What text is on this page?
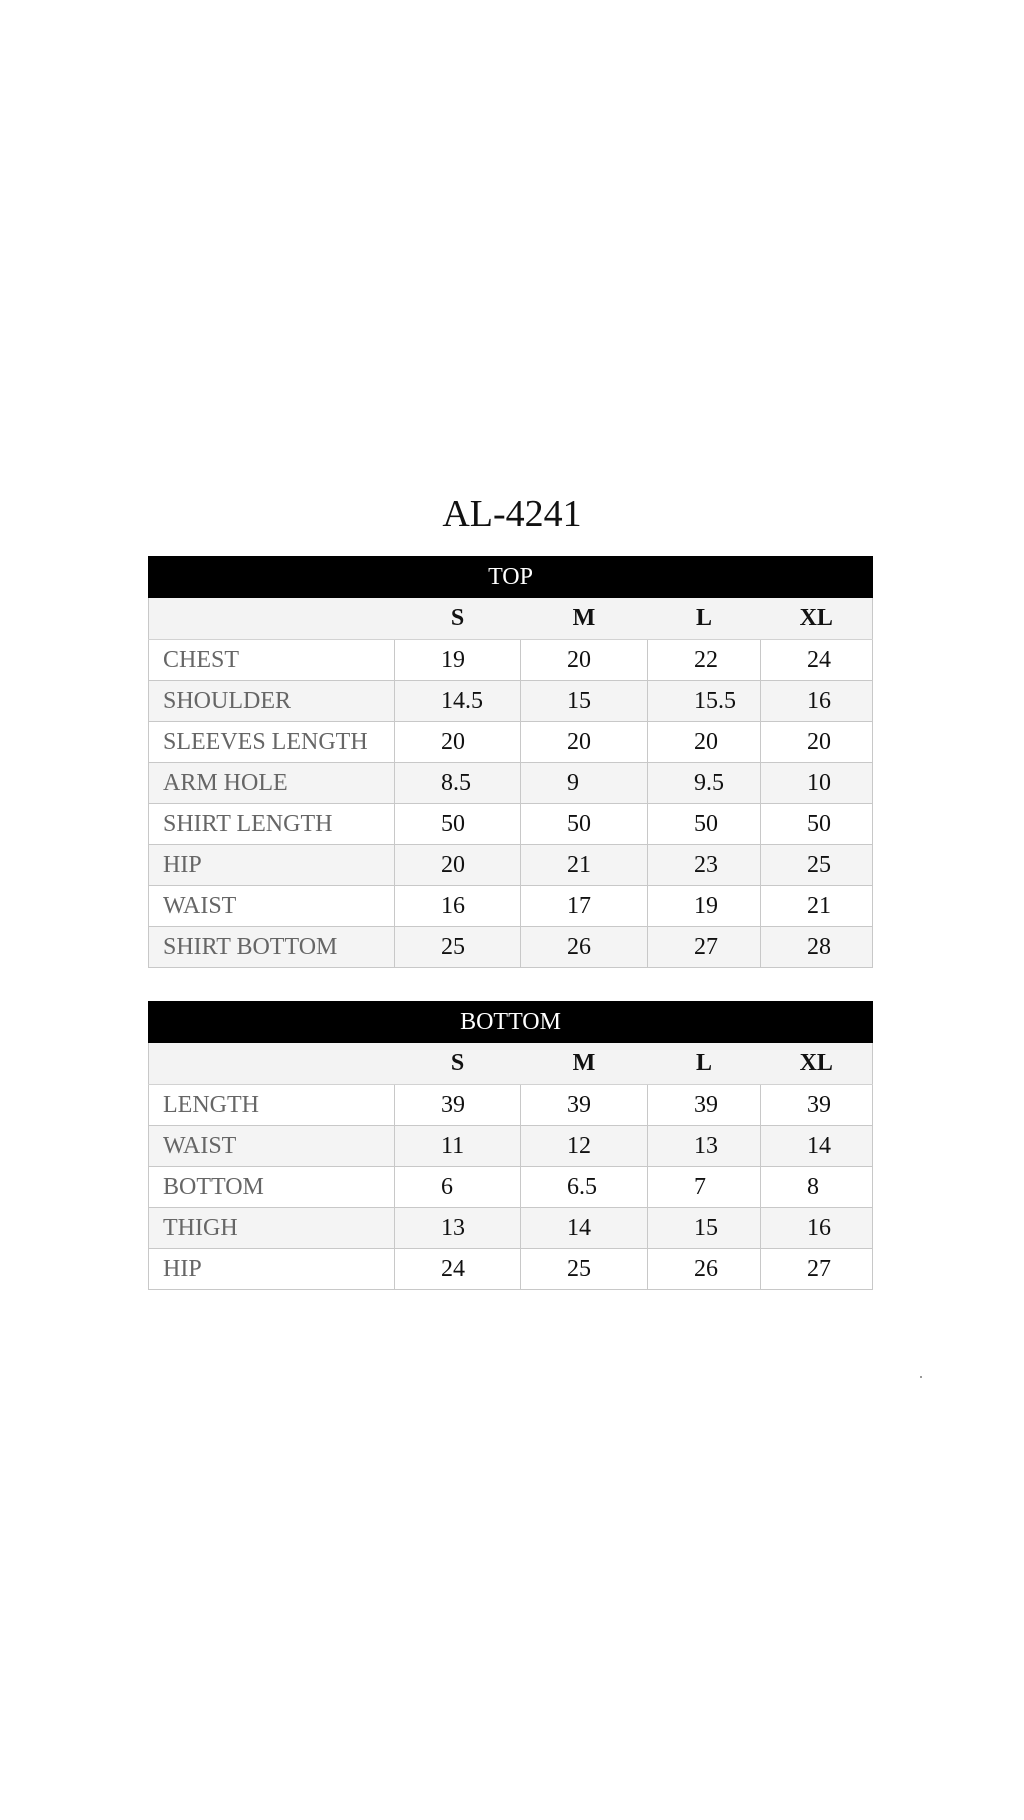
AL-4241
TOP				
	S	M	L	XL
CHEST	19	20	22	24
SHOULDER	14.5	15	15.5	16
SLEEVES LENGTH	20	20	20	20
ARM HOLE	8.5	9	9.5	10
SHIRT LENGTH	50	50	50	50
HIP	20	21	23	25
WAIST	16	17	19	21
SHIRT BOTTOM	25	26	27	28
BOTTOM				
	S	M	L	XL
LENGTH	39	39	39	39
WAIST	11	12	13	14
BOTTOM	6	6.5	7	8
THIGH	13	14	15	16
HIP	24	25	26	27
